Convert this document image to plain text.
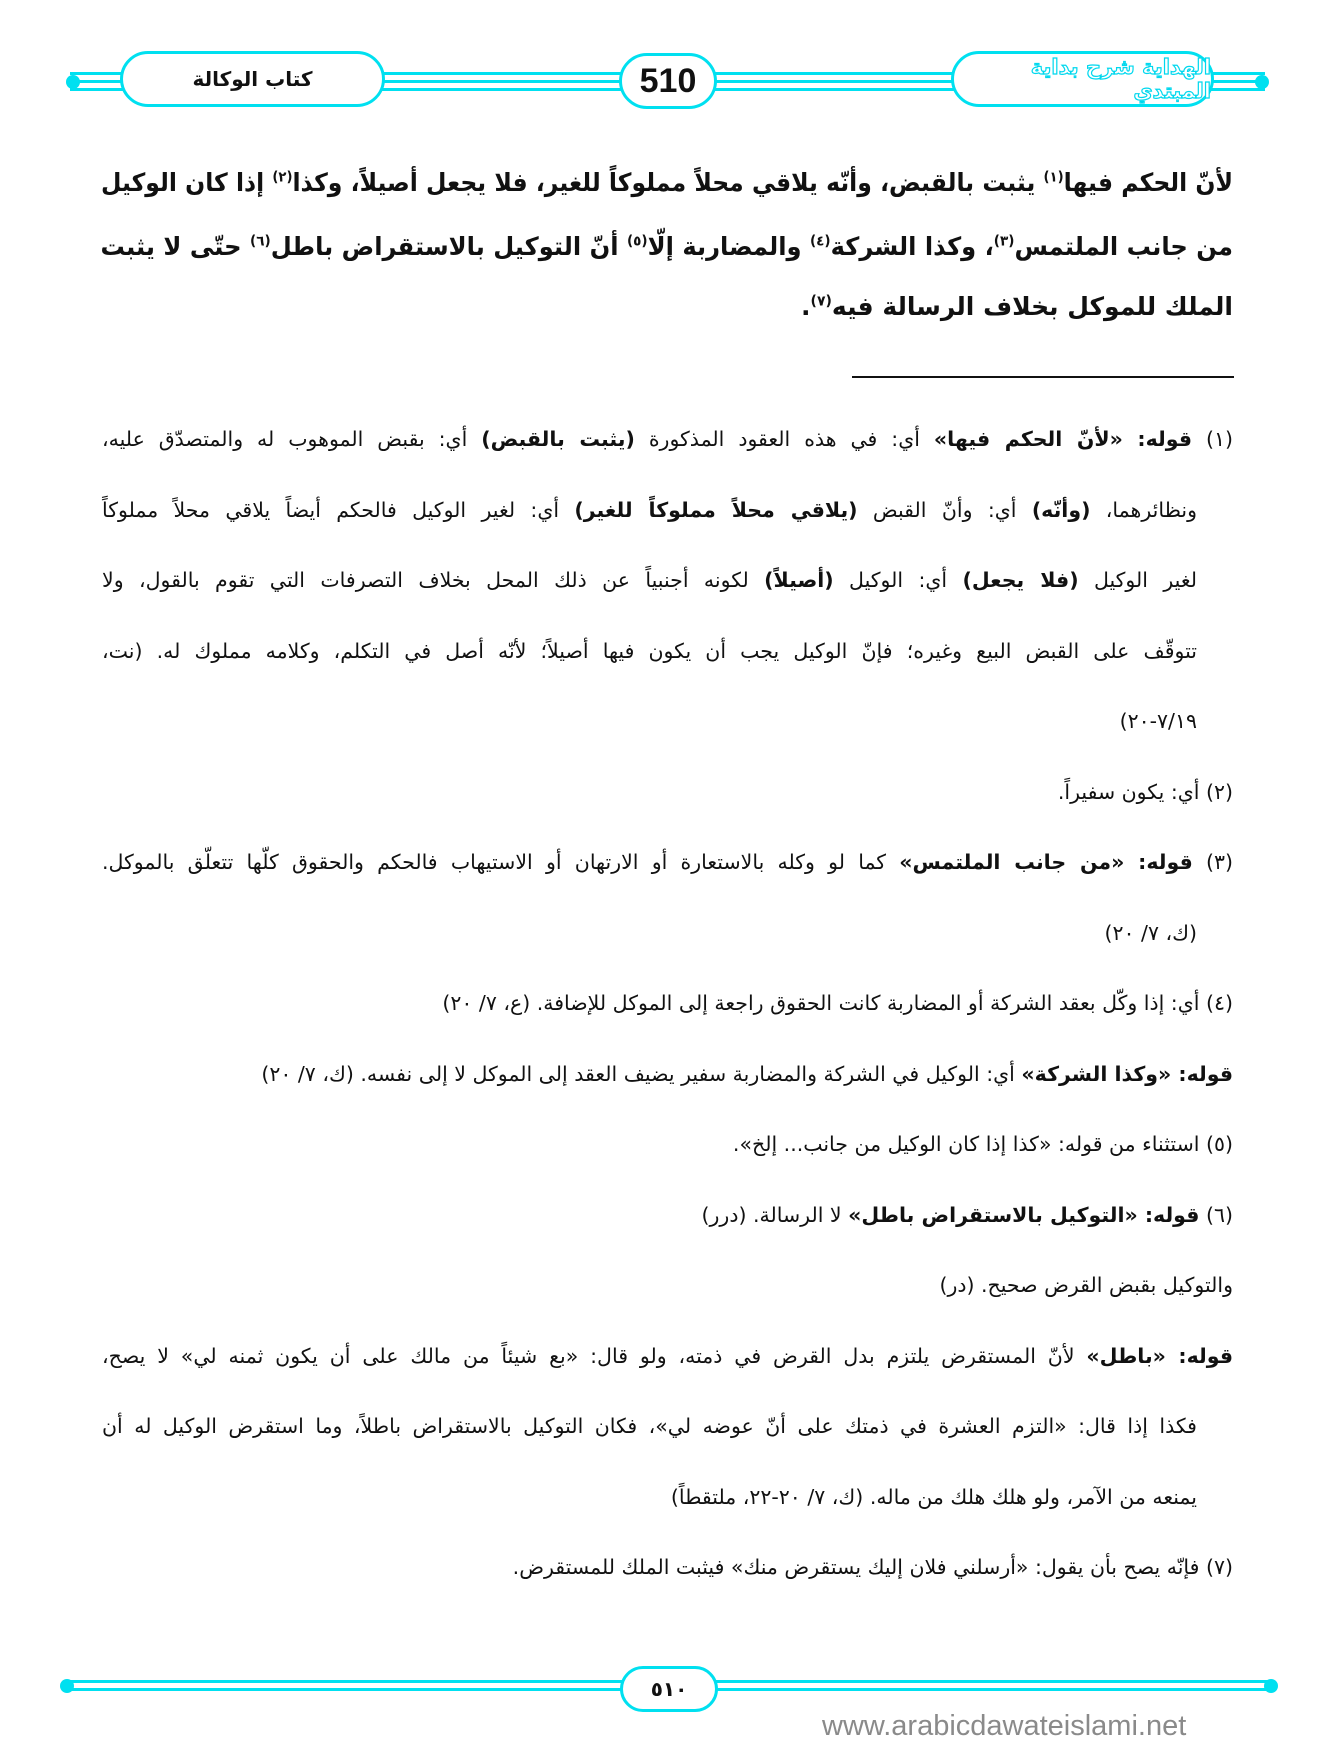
كتاب الوكالة	510	الهداية شرح بداية المبتدي
لأنّ الحكم فيها$^{(١)}$ يثبت بالقبض، وأنّه يلاقي محلاً مملوكاً للغير، فلا يجعل أصيلاً، وكذا$^{(٢)}$ إذا كان الوكيل
من جانب الملتمس$^{(٣)}$، وكذا الشركة$^{(٤)}$ والمضاربة إلّا$^{(٥)}$ أنّ التوكيل بالاستقراض باطل$^{(٦)}$ حتّى لا يثبت
الملك للموكل بخلاف الرسالة فيه$^{(٧)}$.
(١) قوله: «لأنّ الحكم فيها» أي: في هذه العقود المذكورة (يثبت بالقبض) أي: بقبض الموهوب له والمتصدّق عليه،
ونظائرهما، (وأنّه) أي: وأنّ القبض (يلاقي محلاً مملوكاً للغير) أي: لغير الوكيل فالحكم أيضاً يلاقي محلاً مملوكاً
لغير الوكيل (فلا يجعل) أي: الوكيل (أصيلاً) لكونه أجنبياً عن ذلك المحل بخلاف التصرفات التي تقوم بالقول، ولا
تتوقّف على القبض البيع وغيره؛ فإنّ الوكيل يجب أن يكون فيها أصيلاً؛ لأنّه أصل في التكلم، وكلامه مملوك له. (نت،
٧/١٩-٢٠)
(٢) أي: يكون سفيراً.
(٣) قوله: «من جانب الملتمس» كما لو وكله بالاستعارة أو الارتهان أو الاستيهاب فالحكم والحقوق كلّها تتعلّق بالموكل.
(ك، ٧/ ٢٠)
(٤) أي: إذا وكّل بعقد الشركة أو المضاربة كانت الحقوق راجعة إلى الموكل للإضافة. (ع، ٧/ ٢٠)
قوله: «وكذا الشركة» أي: الوكيل في الشركة والمضاربة سفير يضيف العقد إلى الموكل لا إلى نفسه. (ك، ٧/ ٢٠)
(٥) استثناء من قوله: «كذا إذا كان الوكيل من جانب... إلخ».
(٦) قوله: «التوكيل بالاستقراض باطل» لا الرسالة. (درر)
والتوكيل بقبض القرض صحيح. (در)
قوله: «باطل» لأنّ المستقرض يلتزم بدل القرض في ذمته، ولو قال: «بع شيئاً من مالك على أن يكون ثمنه لي» لا يصح،
فكذا إذا قال: «التزم العشرة في ذمتك على أنّ عوضه لي»، فكان التوكيل بالاستقراض باطلاً، وما استقرض الوكيل له أن
يمنعه من الآمر، ولو هلك هلك من ماله. (ك، ٧/ ٢٠-٢٢، ملتقطاً)
(٧) فإنّه يصح بأن يقول: «أرسلني فلان إليك يستقرض منك» فيثبت الملك للمستقرض.
٥١٠
www.arabicdawateislami.net
